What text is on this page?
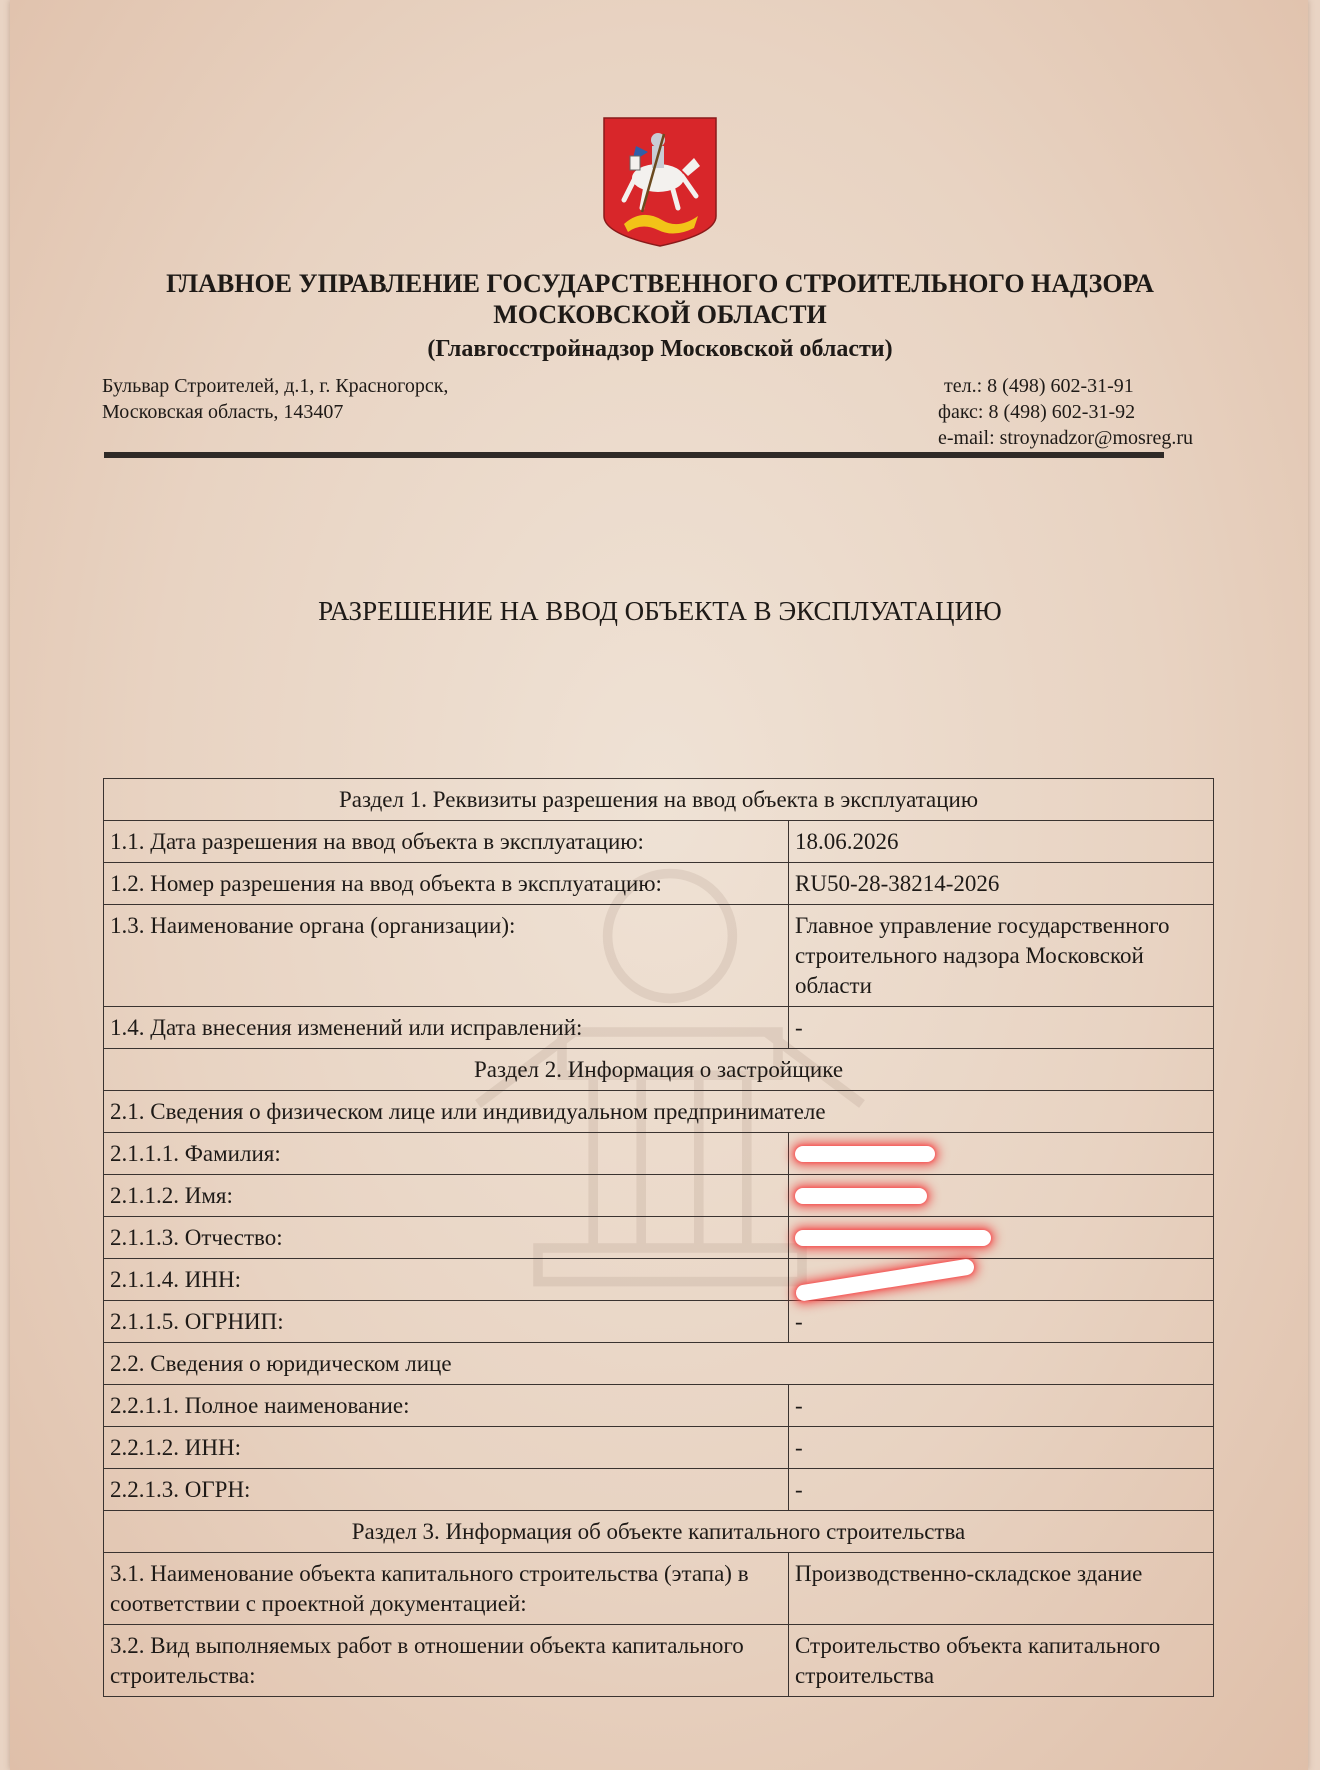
ГЛАВНОЕ УПРАВЛЕНИЕ ГОСУДАРСТВЕННОГО СТРОИТЕЛЬНОГО НАДЗОРА
МОСКОВСКОЙ ОБЛАСТИ
(Главгосстройнадзор Московской области)
Бульвар Строителей, д.1, г. Красногорск,
Московская область, 143407
тел.: 8 (498) 602-31-91
факс: 8 (498) 602-31-92
e-mail: stroynadzor@mosreg.ru
РАЗРЕШЕНИЕ НА ВВОД ОБЪЕКТА В ЭКСПЛУАТАЦИЮ
Раздел 1. Реквизиты разрешения на ввод объекта в эксплуатацию	
1.1. Дата разрешения на ввод объекта в эксплуатацию:	18.06.2026
1.2. Номер разрешения на ввод объекта в эксплуатацию:	RU50-28-38214-2026
1.3. Наименование органа (организации):	Главное управление государственного строительного надзора Московской области
1.4. Дата внесения изменений или исправлений:	-
Раздел 2. Информация о застройщике	
2.1. Сведения о физическом лице или индивидуальном предпринимателе	
2.1.1.1. Фамилия:	
2.1.1.2. Имя:	
2.1.1.3. Отчество:	
2.1.1.4. ИНН:	
2.1.1.5. ОГРНИП:	-
2.2. Сведения о юридическом лице	
2.2.1.1. Полное наименование:	-
2.2.1.2. ИНН:	-
2.2.1.3. ОГРН:	-
Раздел 3. Информация об объекте капитального строительства	
3.1. Наименование объекта капитального строительства (этапа) в соответствии с проектной документацией:	Производственно-складское здание
3.2. Вид выполняемых работ в отношении объекта капитального строительства:	Строительство объекта капитального строительства
